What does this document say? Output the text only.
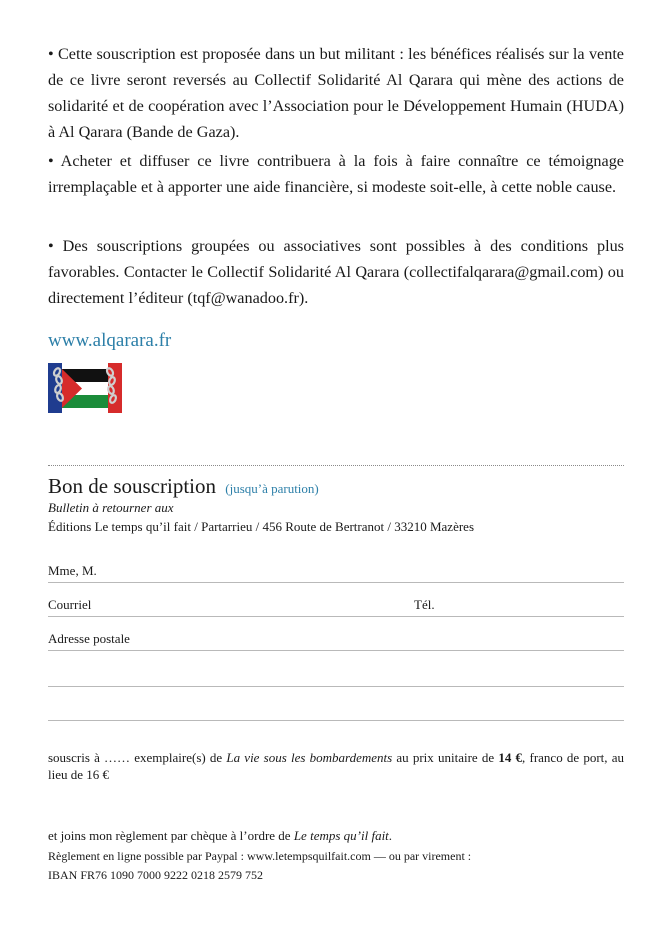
• Cette souscription est proposée dans un but militant : les bénéfices réalisés sur la vente de ce livre seront reversés au Collectif Solidarité Al Qarara qui mène des actions de solidarité et de coopération avec l’Association pour le Développement Humain (HUDA) à Al Qarara (Bande de Gaza).

• Acheter et diffuser ce livre contribuera à la fois à faire connaître ce témoignage irremplaçable et à apporter une aide financière, si modeste soit-elle, à cette noble cause.

• Des souscriptions groupées ou associatives sont possibles à des conditions plus favorables. Contacter le Collectif Solidarité Al Qarara (collectifalqarara@gmail.com) ou directement l’éditeur (tqf@wanadoo.fr).

www.alqarara.fr
Bon de souscription (jusqu’à parution)
Bulletin à retourner aux
Éditions Le temps qu’il fait / Partarrieu / 456 Route de Bertranot / 33210 Mazères
Mme, M.
Courriel	Tél.
Adresse postale

souscris à …… exemplaire(s) de La vie sous les bombardements au prix unitaire de 14 €, franco de port, au lieu de 16 €

et joins mon règlement par chèque à l’ordre de Le temps qu’il fait.

Règlement en ligne possible par Paypal : www.letempsquilfait.com — ou par virement :

IBAN FR76 1090 7000 9222 0218 2579 752
